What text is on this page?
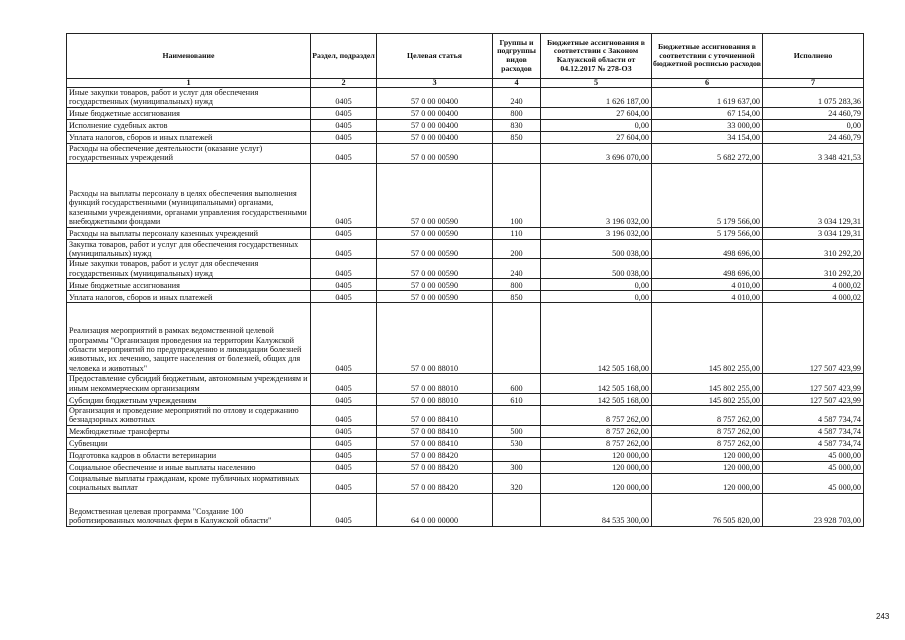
Наименование	Раздел, подраздел	Целевая статья	Группы и подгруппы видов расходов	Бюджетные ассигнования в соответствии с Законом Калужской области от 04.12.2017 № 278-ОЗ	Бюджетные ассигнования в соответствии с уточненной бюджетной росписью расходов	Исполнено
1	2	3	4	5	6	7
Иные закупки товаров, работ и услуг для обеспечения государственных (муниципальных) нужд	0405	57 0 00 00400	240	1 626 187,00	1 619 637,00	1 075 283,36
Иные бюджетные ассигнования	0405	57 0 00 00400	800	27 604,00	67 154,00	24 460,79
Исполнение судебных актов	0405	57 0 00 00400	830	0,00	33 000,00	0,00
Уплата налогов, сборов и иных платежей	0405	57 0 00 00400	850	27 604,00	34 154,00	24 460,79
Расходы на обеспечение деятельности (оказание услуг) государственных учреждений	0405	57 0 00 00590		3 696 070,00	5 682 272,00	3 348 421,53
Расходы на выплаты персоналу в целях обеспечения выполнения функций государственными (муниципальными) органами, казенными учреждениями, органами управления государственными внебюджетными фондами	0405	57 0 00 00590	100	3 196 032,00	5 179 566,00	3 034 129,31
Расходы на выплаты персоналу казенных учреждений	0405	57 0 00 00590	110	3 196 032,00	5 179 566,00	3 034 129,31
Закупка товаров, работ и услуг для обеспечения государственных (муниципальных) нужд	0405	57 0 00 00590	200	500 038,00	498 696,00	310 292,20
Иные закупки товаров, работ и услуг для обеспечения государственных (муниципальных) нужд	0405	57 0 00 00590	240	500 038,00	498 696,00	310 292,20
Иные бюджетные ассигнования	0405	57 0 00 00590	800	0,00	4 010,00	4 000,02
Уплата налогов, сборов и иных платежей	0405	57 0 00 00590	850	0,00	4 010,00	4 000,02
Реализация мероприятий в рамках ведомственной целевой программы "Организация проведения на территории Калужской области мероприятий по предупреждению и ликвидации болезней животных, их лечению, защите населения от болезней, общих для человека и животных"	0405	57 0 00 88010		142 505 168,00	145 802 255,00	127 507 423,99
Предоставление субсидий бюджетным, автономным учреждениям и иным некоммерческим организациям	0405	57 0 00 88010	600	142 505 168,00	145 802 255,00	127 507 423,99
Субсидии бюджетным учреждениям	0405	57 0 00 88010	610	142 505 168,00	145 802 255,00	127 507 423,99
Организация и проведение мероприятий по отлову и содержанию безнадзорных животных	0405	57 0 00 88410		8 757 262,00	8 757 262,00	4 587 734,74
Межбюджетные трансферты	0405	57 0 00 88410	500	8 757 262,00	8 757 262,00	4 587 734,74
Субвенции	0405	57 0 00 88410	530	8 757 262,00	8 757 262,00	4 587 734,74
Подготовка кадров в области ветеринарии	0405	57 0 00 88420		120 000,00	120 000,00	45 000,00
Социальное обеспечение и иные выплаты населению	0405	57 0 00 88420	300	120 000,00	120 000,00	45 000,00
Социальные выплаты гражданам, кроме публичных нормативных социальных выплат	0405	57 0 00 88420	320	120 000,00	120 000,00	45 000,00
Ведомственная целевая программа "Создание 100 роботизированных молочных ферм в Калужской области"	0405	64 0 00 00000		84 535 300,00	76 505 820,00	23 928 703,00
243
